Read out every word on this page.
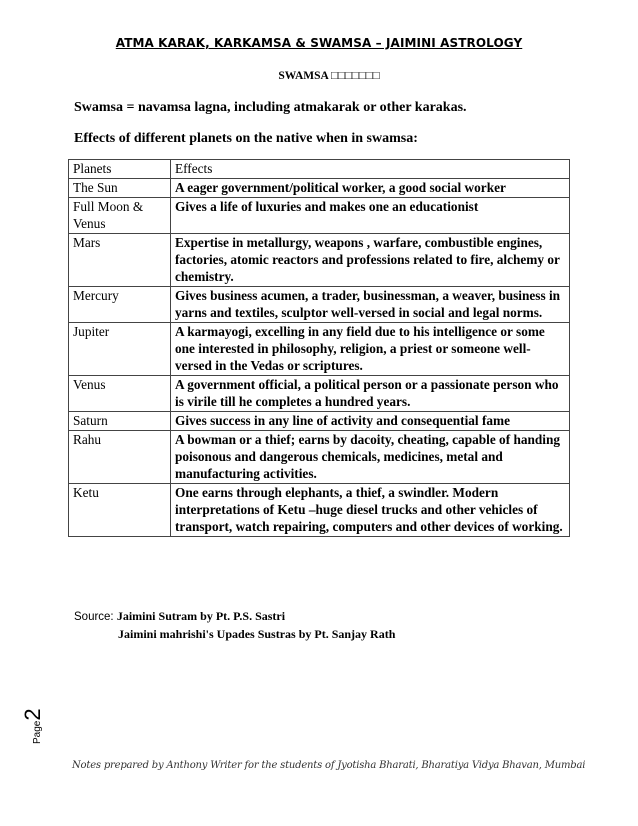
ATMA KARAK, KARKAMSA & SWAMSA – JAIMINI ASTROLOGY
SWAMSA □□□□□□□
Swamsa = navamsa lagna, including atmakarak or other karakas.
Effects of different planets on the native when in swamsa:
Planets	Effects
The Sun	A eager government/political worker, a good social worker
Full Moon & Venus	Gives a life of luxuries and makes one an educationist
Mars	Expertise in metallurgy, weapons , warfare, combustible engines, factories, atomic reactors and professions related to fire, alchemy or chemistry.
Mercury	Gives business acumen, a trader, businessman, a weaver, business in yarns and textiles, sculptor well-versed in social and legal norms.
Jupiter	A karmayogi, excelling in any field due to his intelligence or some one interested in philosophy, religion, a priest or someone well-versed in the Vedas or scriptures.
Venus	A government official, a political person or a passionate person who is virile till he completes a hundred years.
Saturn	Gives success in any line of activity and consequential fame
Rahu	A bowman or a thief; earns by dacoity, cheating, capable of handing poisonous and dangerous chemicals, medicines, metal and manufacturing activities.
Ketu	One earns through elephants, a thief, a swindler. Modern interpretations of Ketu –huge diesel trucks and other vehicles of transport, watch repairing, computers and other devices of working.
Source: Jaimini Sutram by Pt. P.S. Sastri
Jaimini mahrishi's Upades Sustras by Pt. Sanjay Rath
Page2
Notes prepared by Anthony Writer for the students of Jyotisha Bharati, Bharatiya Vidya Bhavan, Mumbai
